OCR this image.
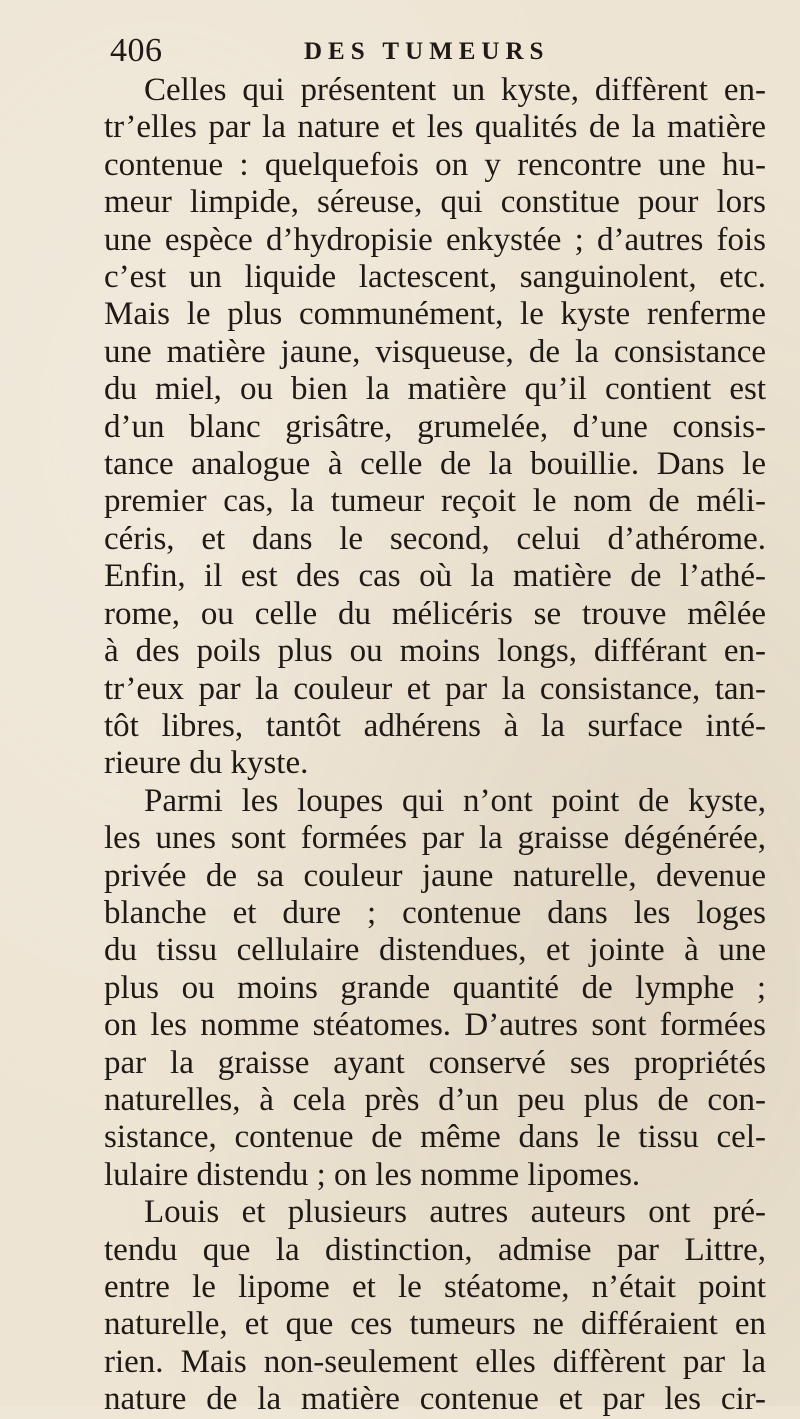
406	DES TUMEURS
Celles qui présentent un kyste, diffèrent en-
tr’elles par la nature et les qualités de la matière
contenue : quelquefois on y rencontre une hu-
meur limpide, séreuse, qui constitue pour lors
une espèce d’hydropisie enkystée ; d’autres fois
c’est un liquide lactescent, sanguinolent, etc.
Mais le plus communément, le kyste renferme
une matière jaune, visqueuse, de la consistance
du miel, ou bien la matière qu’il contient est
d’un blanc grisâtre, grumelée, d’une consis-
tance analogue à celle de la bouillie. Dans le
premier cas, la tumeur reçoit le nom de méli-
céris, et dans le second, celui d’athérome.
Enfin, il est des cas où la matière de l’athé-
rome, ou celle du mélicéris se trouve mêlée
à des poils plus ou moins longs, différant en-
tr’eux par la couleur et par la consistance, tan-
tôt libres, tantôt adhérens à la surface inté-
rieure du kyste.
Parmi les loupes qui n’ont point de kyste,
les unes sont formées par la graisse dégénérée,
privée de sa couleur jaune naturelle, devenue
blanche et dure ; contenue dans les loges
du tissu cellulaire distendues, et jointe à une
plus ou moins grande quantité de lymphe ;
on les nomme stéatomes. D’autres sont formées
par la graisse ayant conservé ses propriétés
naturelles, à cela près d’un peu plus de con-
sistance, contenue de même dans le tissu cel-
lulaire distendu ; on les nomme lipomes.
Louis et plusieurs autres auteurs ont pré-
tendu que la distinction, admise par Littre,
entre le lipome et le stéatome, n’était point
naturelle, et que ces tumeurs ne différaient en
rien. Mais non-seulement elles diffèrent par la
nature de la matière contenue et par les cir-
